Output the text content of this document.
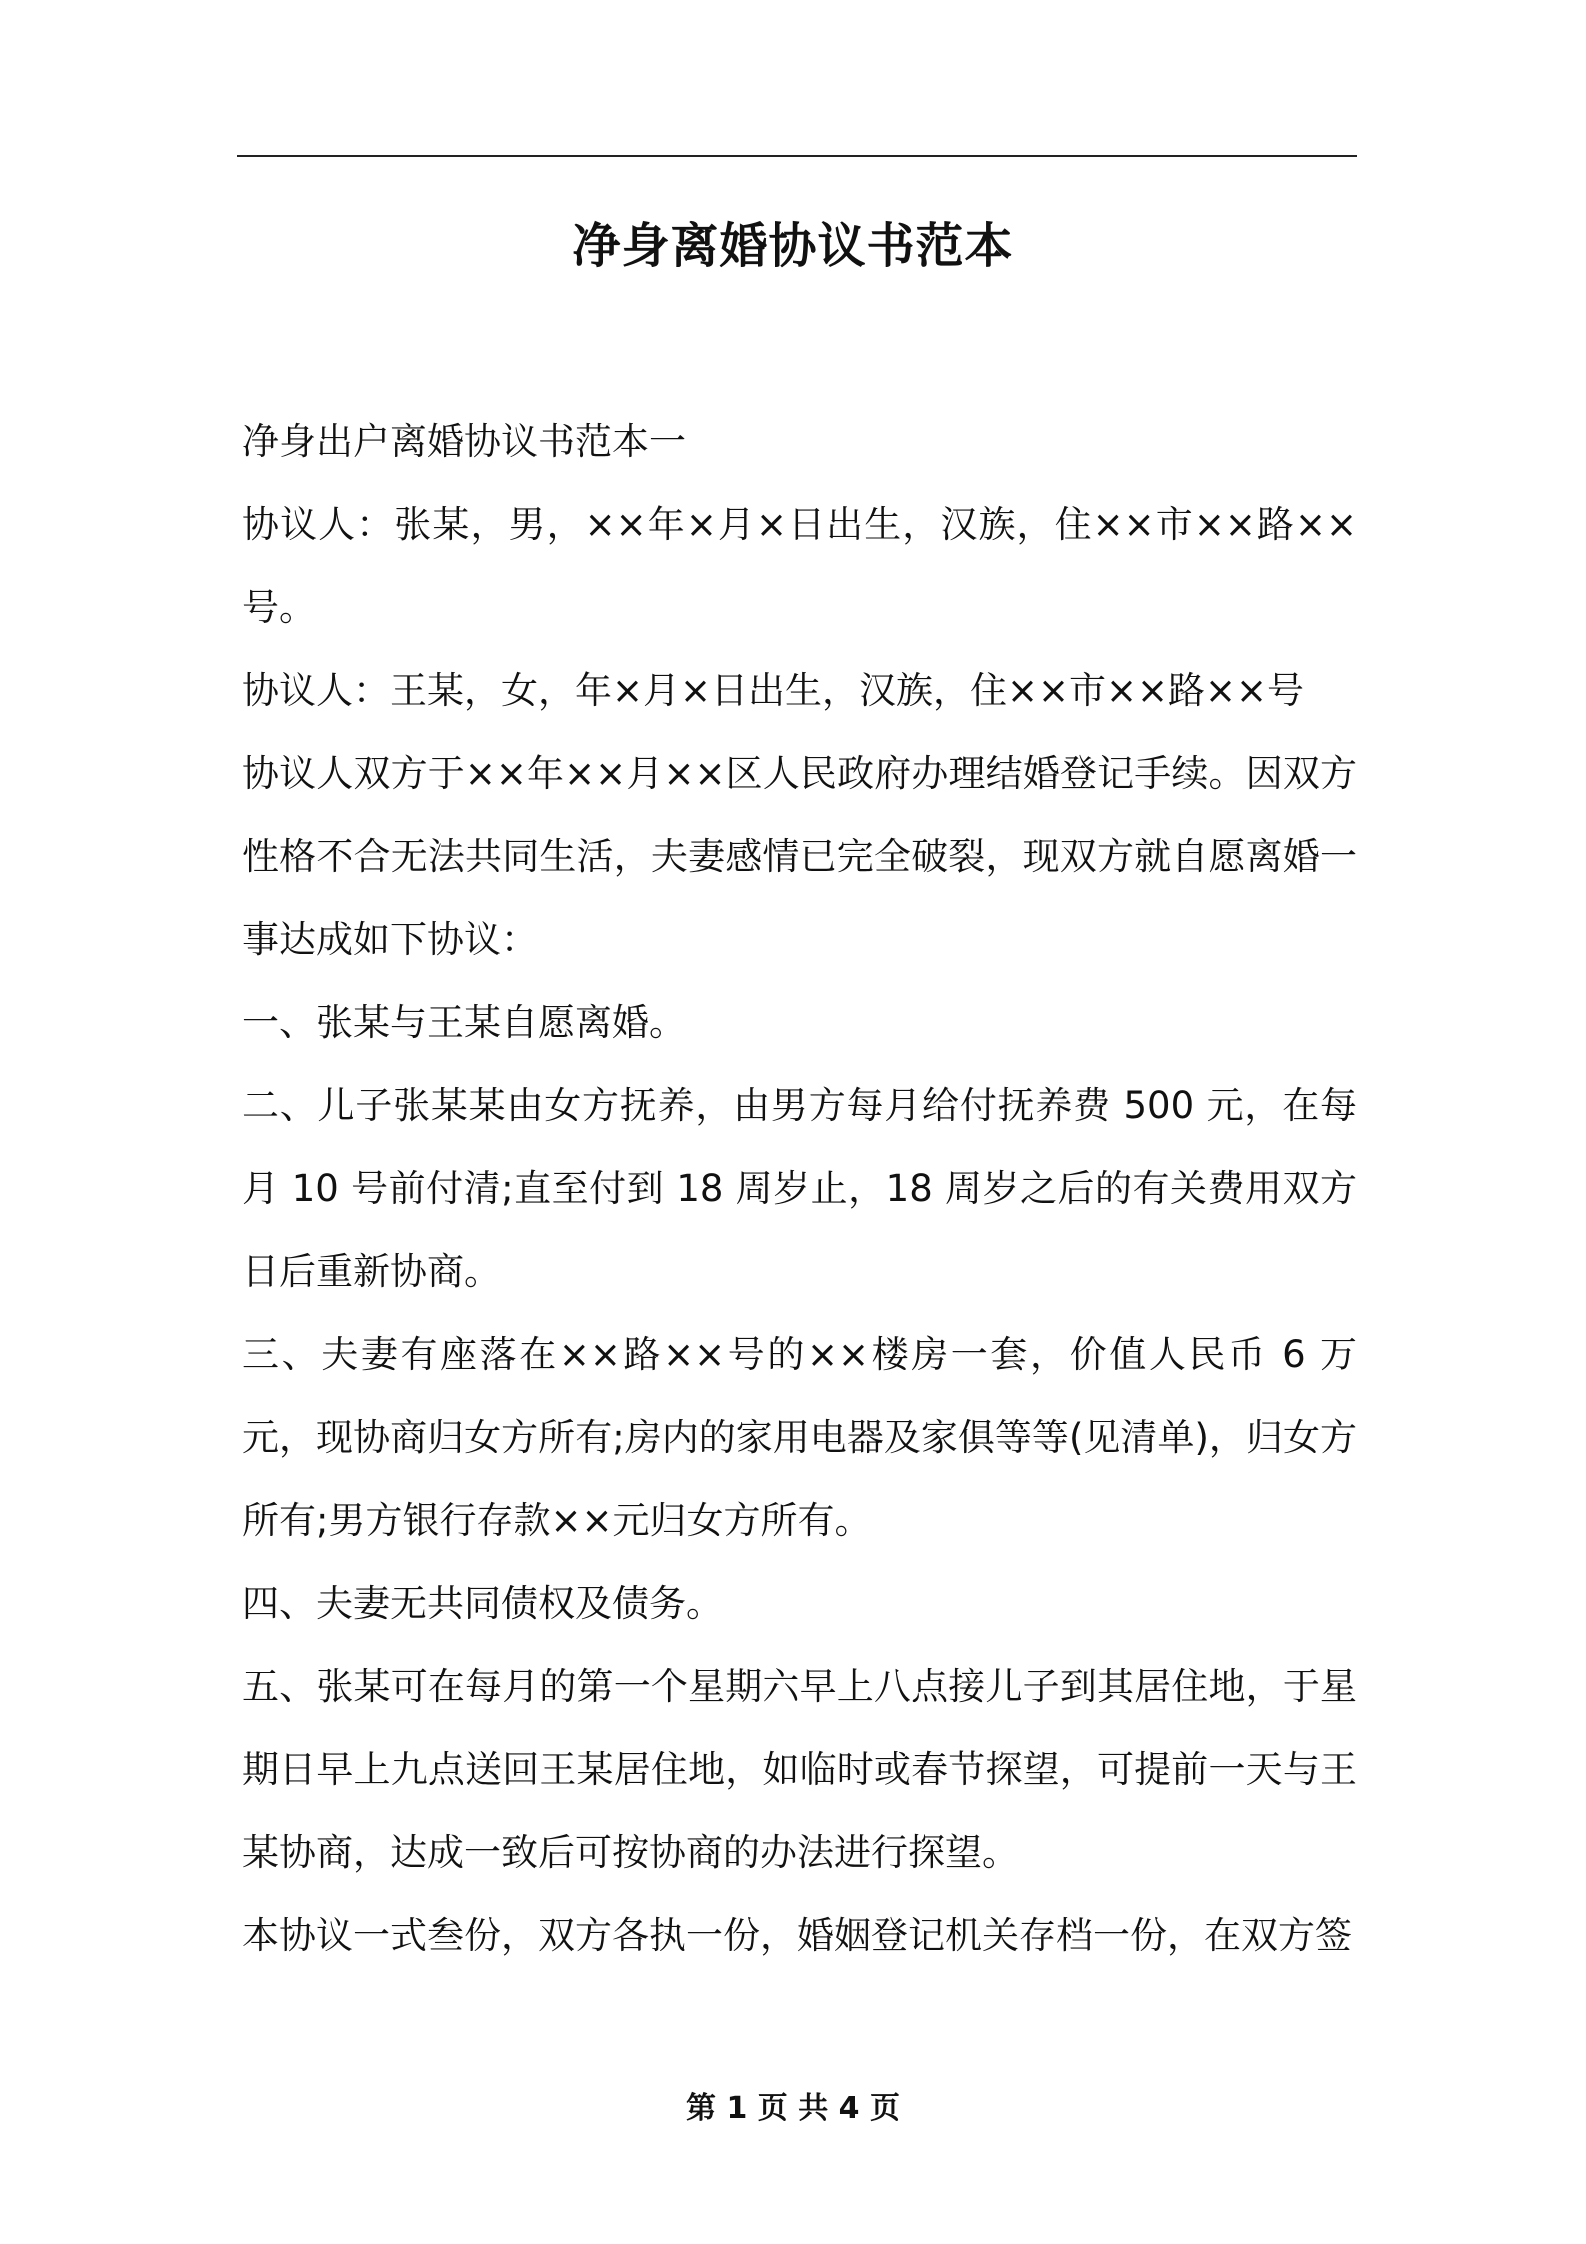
净身离婚协议书范本

净身出户离婚协议书范本一

协议人：张某，男，××年×月×日出生，汉族，住××市××路××号。

协议人：王某，女，年×月×日出生，汉族，住××市××路××号

协议人双方于××年××月××区人民政府办理结婚登记手续。因双方性格不合无法共同生活，夫妻感情已完全破裂，现双方就自愿离婚一事达成如下协议：

一、张某与王某自愿离婚。

二、儿子张某某由女方抚养，由男方每月给付抚养费 500 元，在每月 10 号前付清;直至付到 18 周岁止，18 周岁之后的有关费用双方日后重新协商。

三、夫妻有座落在××路××号的××楼房一套，价值人民币 6 万元，现协商归女方所有;房内的家用电器及家俱等等(见清单)，归女方所有;男方银行存款××元归女方所有。

四、夫妻无共同债权及债务。

五、张某可在每月的第一个星期六早上八点接儿子到其居住地，于星期日早上九点送回王某居住地，如临时或春节探望，可提前一天与王某协商，达成一致后可按协商的办法进行探望。

本协议一式叁份，双方各执一份，婚姻登记机关存档一份，在双方签

第 1 页 共 4 页
